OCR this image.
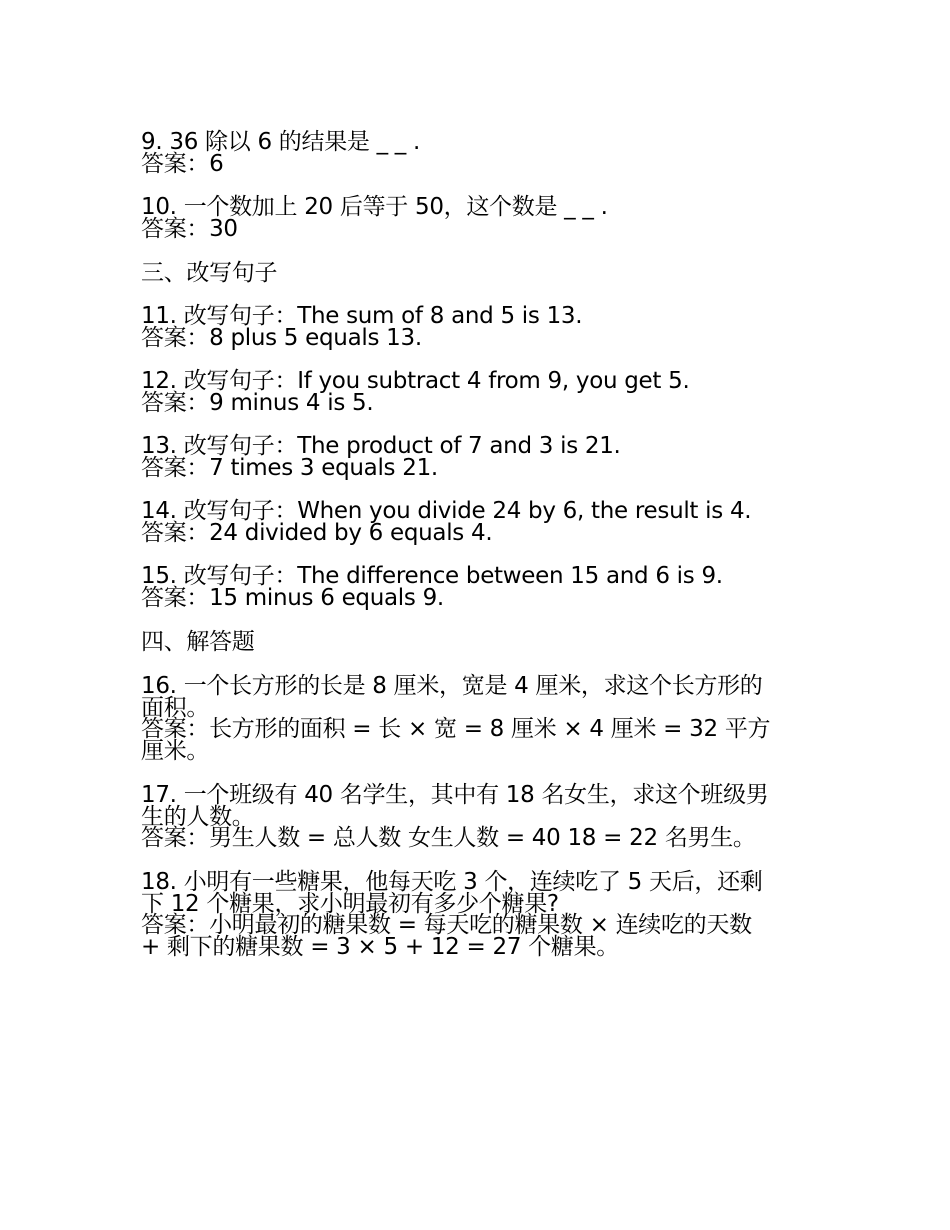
9. 36 除以 6 的结果是 _ _ .
答案：6
10. 一个数加上 20 后等于 50，这个数是 _ _ .
答案：30
三、改写句子
11. 改写句子：The sum of 8 and 5 is 13.
答案：8 plus 5 equals 13.
12. 改写句子：If you subtract 4 from 9, you get 5.
答案：9 minus 4 is 5.
13. 改写句子：The product of 7 and 3 is 21.
答案：7 times 3 equals 21.
14. 改写句子：When you divide 24 by 6, the result is 4.
答案：24 divided by 6 equals 4.
15. 改写句子：The difference between 15 and 6 is 9.
答案：15 minus 6 equals 9.
四、解答题
16. 一个长方形的长是 8 厘米，宽是 4 厘米，求这个长方形的
面积。
答案：长方形的面积 = 长 × 宽 = 8 厘米 × 4 厘米 = 32 平方
厘米。
17. 一个班级有 40 名学生，其中有 18 名女生，求这个班级男
生的人数。
答案：男生人数 = 总人数 女生人数 = 40 18 = 22 名男生。
18. 小明有一些糖果，他每天吃 3 个，连续吃了 5 天后，还剩
下 12 个糖果，求小明最初有多少个糖果?
答案：小明最初的糖果数 = 每天吃的糖果数 × 连续吃的天数
+ 剩下的糖果数 = 3 × 5 + 12 = 27 个糖果。
